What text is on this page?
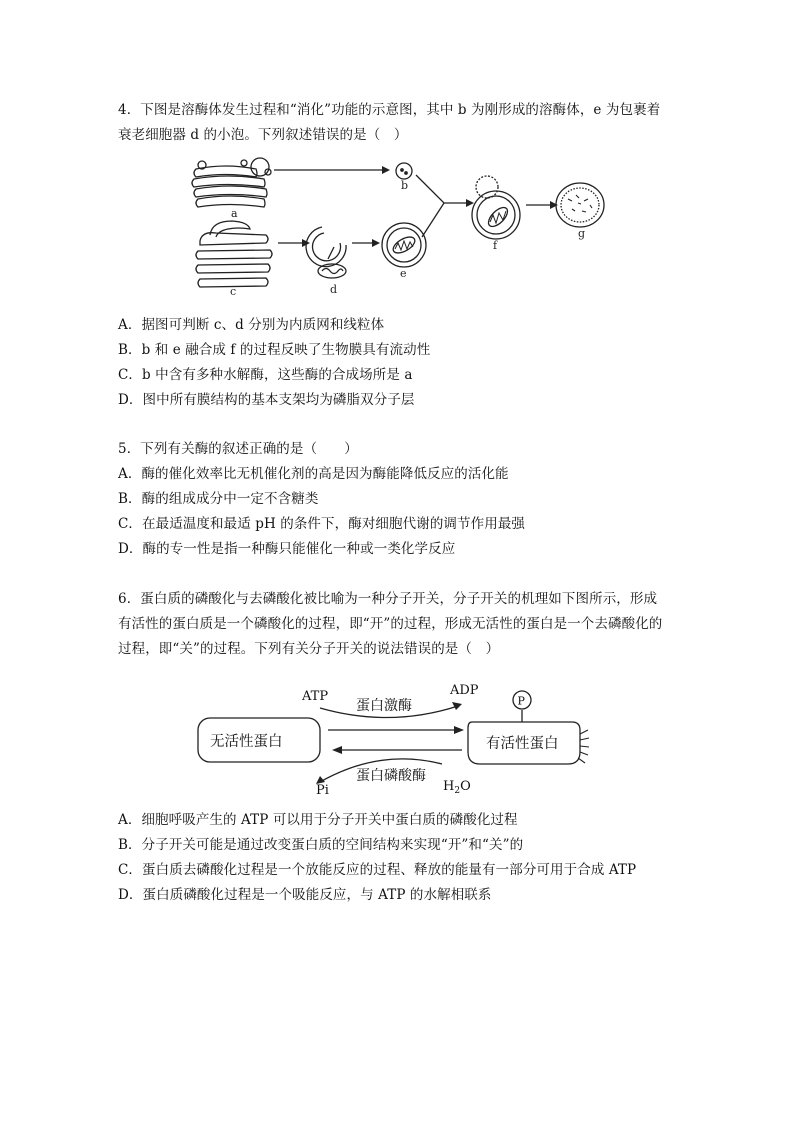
4．下图是溶酶体发生过程和“消化”功能的示意图，其中 b 为刚形成的溶酶体，e 为包裹着
衰老细胞器 d 的小泡。下列叙述错误的是（　）
a
b
c	d
e
f
g
A．据图可判断 c、d 分别为内质网和线粒体
B．b 和 e 融合成 f 的过程反映了生物膜具有流动性
C．b 中含有多种水解酶，这些酶的合成场所是 a
D．图中所有膜结构的基本支架均为磷脂双分子层
5．下列有关酶的叙述正确的是（　　）
A．酶的催化效率比无机催化剂的高是因为酶能降低反应的活化能
B．酶的组成成分中一定不含糖类
C．在最适温度和最适 pH 的条件下，酶对细胞代谢的调节作用最强
D．酶的专一性是指一种酶只能催化一种或一类化学反应
6．蛋白质的磷酸化与去磷酸化被比喻为一种分子开关，分子开关的机理如下图所示，形成
有活性的蛋白质是一个磷酸化的过程，即“开”的过程，形成无活性的蛋白是一个去磷酸化的
过程，即“关”的过程。下列有关分子开关的说法错误的是（　）
无活性蛋白	有活性蛋白
蛋白激酶
蛋白磷酸酶
ATP	ADP
Pi	$H_2O$
P
A．细胞呼吸产生的 ATP 可以用于分子开关中蛋白质的磷酸化过程
B．分子开关可能是通过改变蛋白质的空间结构来实现“开”和“关”的
C．蛋白质去磷酸化过程是一个放能反应的过程、释放的能量有一部分可用于合成 ATP
D．蛋白质磷酸化过程是一个吸能反应，与 ATP 的水解相联系
